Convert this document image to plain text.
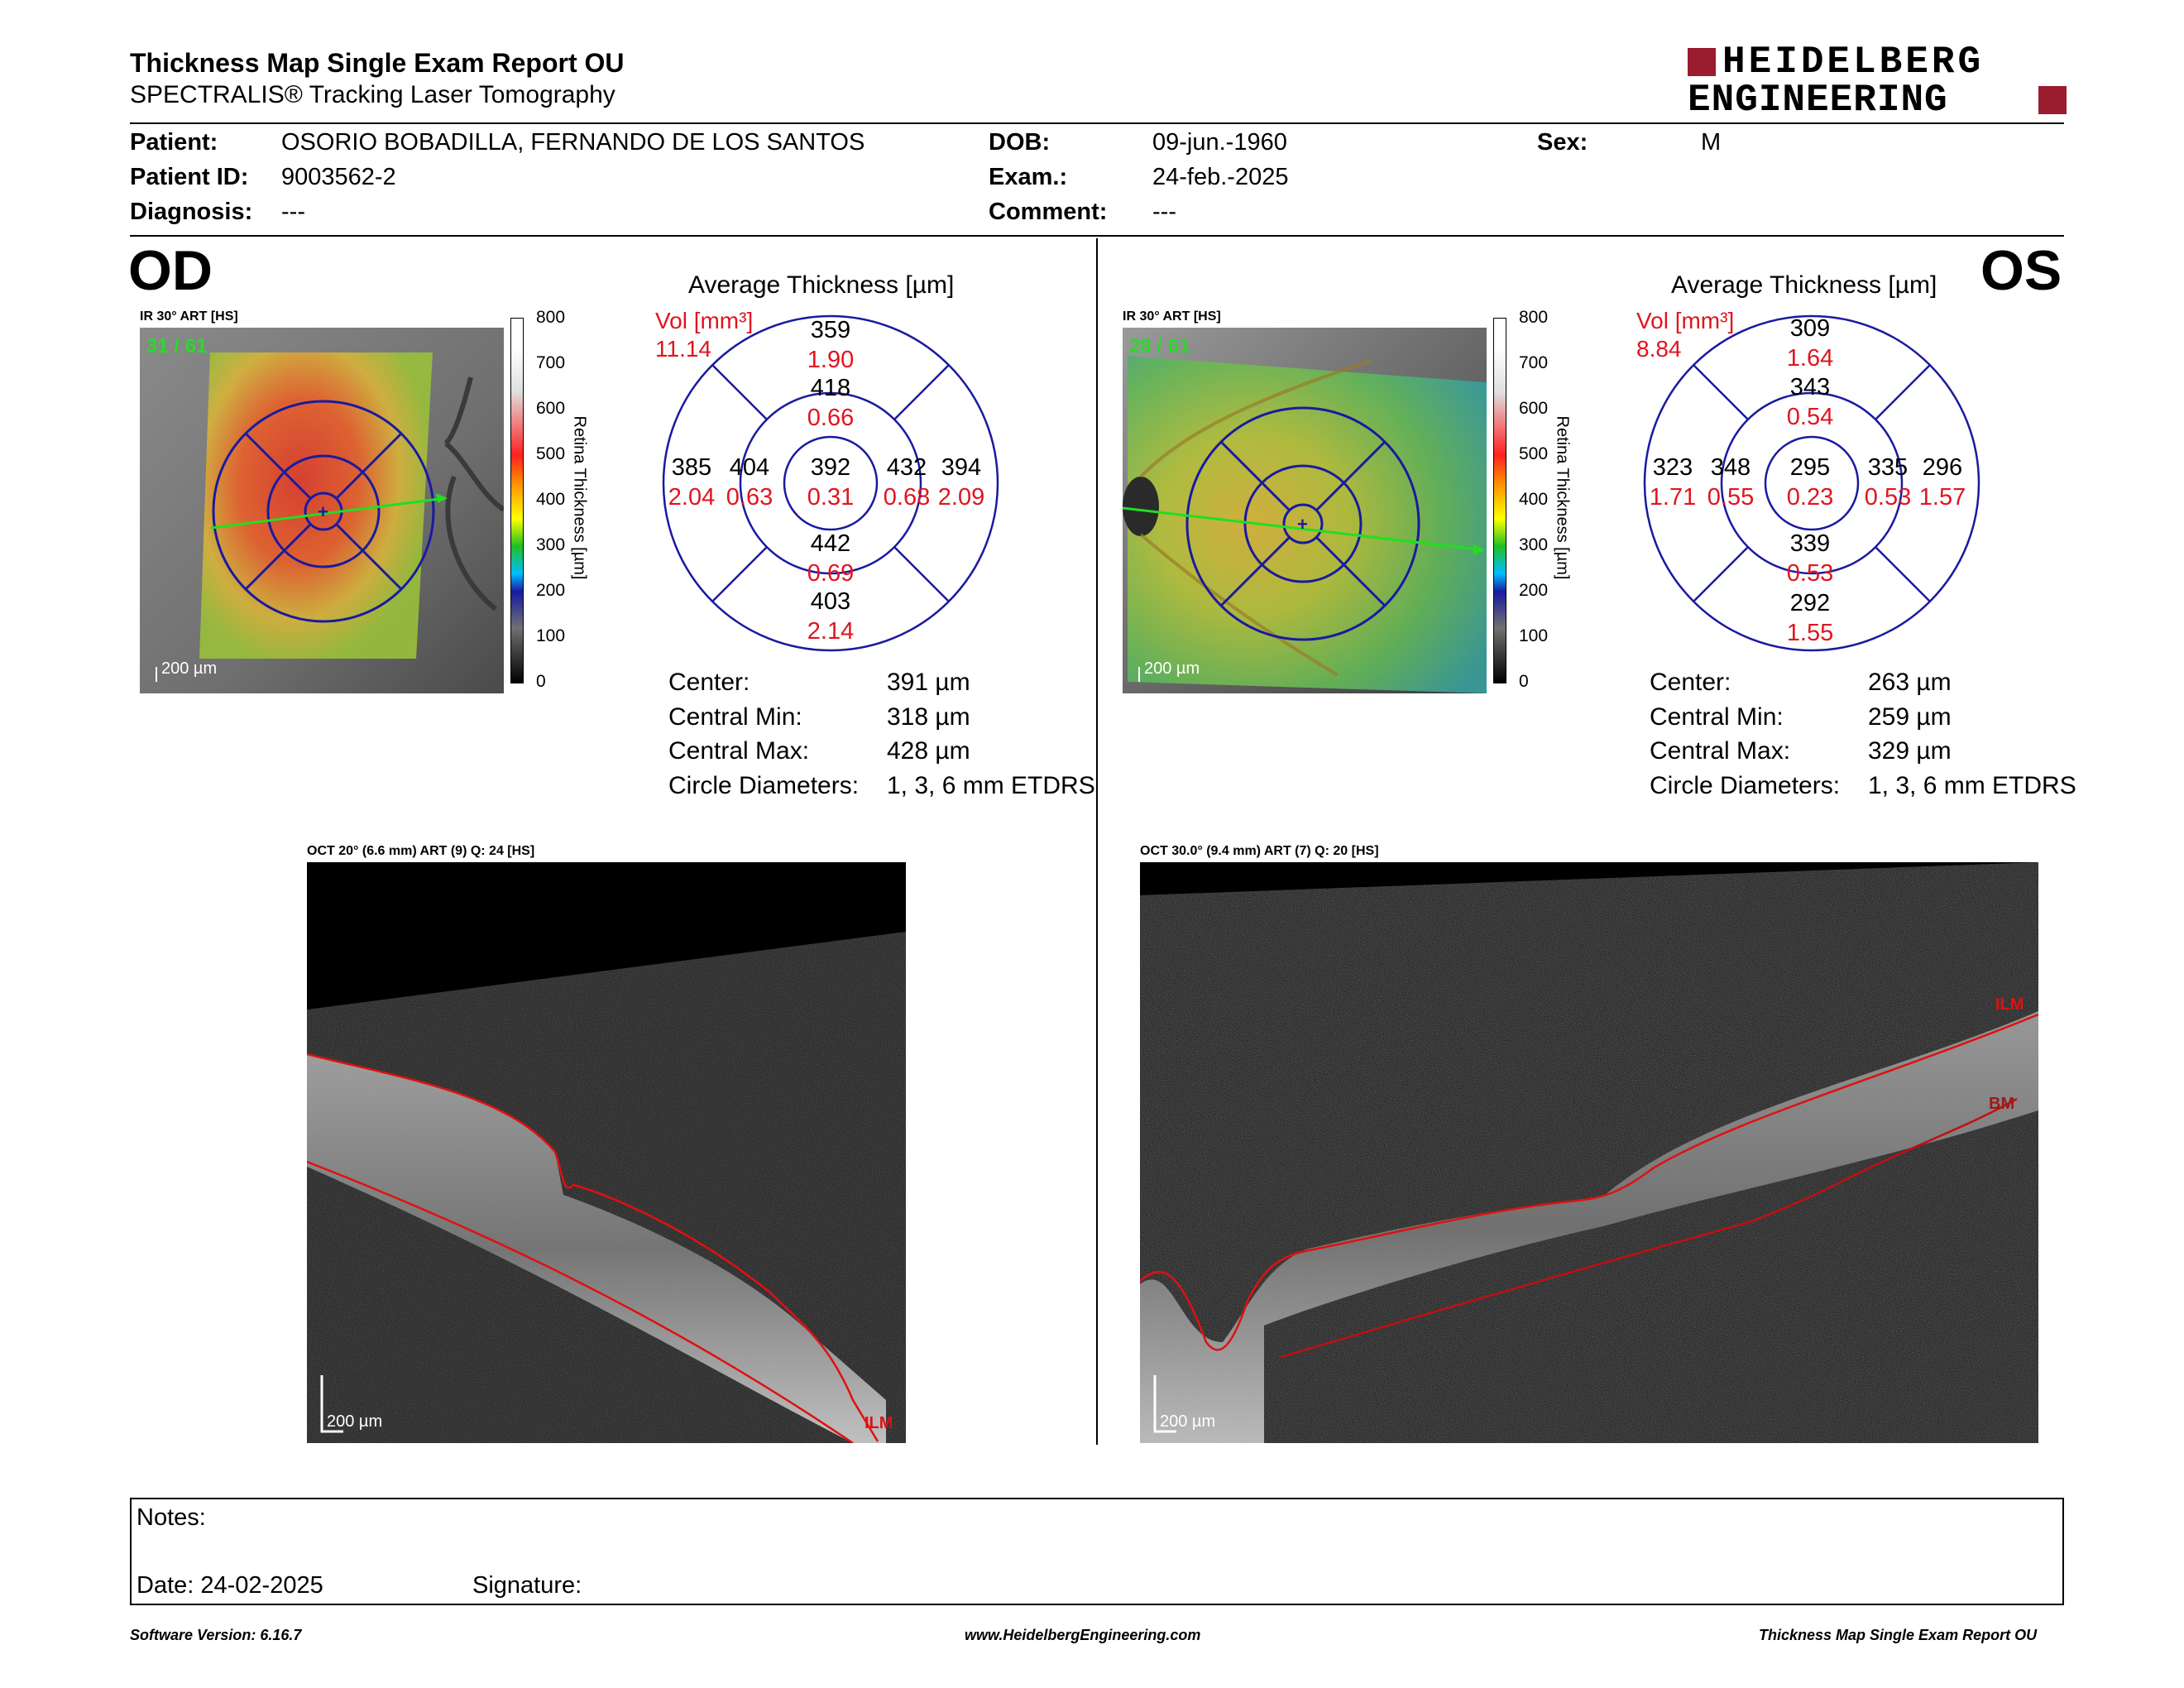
Thickness Map Single Exam Report OU
SPECTRALIS® Tracking Laser Tomography
HEIDELBERG
ENGINEERING
Patient:	OSORIO BOBADILLA, FERNANDO DE LOS SANTOS
Patient ID: 9003562-2
Diagnosis: ---
DOB:	09-jun.-1960
Exam.:	24-feb.-2025
Comment: ---
Sex:	M
OD
IR 30° ART [HS]
+
31 / 61
200 µm
800
700
600
500
400
300
200
100
0
Retina Thickness [µm]
Average Thickness [µm]
Vol [mm³]
11.14
359
1.90
418
0.66
385
2.04
404
0.63
392
0.31
432
0.68
394
2.09
442
0.69
403
2.14
Center:	391 µm
Central Min:	318 µm
Central Max:	428 µm
Circle Diameters: 1, 3, 6 mm ETDRS
OCT 20° (6.6 mm) ART (9) Q: 24 [HS]
ILM
200 µm
OS
IR 30° ART [HS]
+
28 / 61
200 µm
800
700
600
500
400
300
200
100
0
Retina Thickness [µm]
Average Thickness [µm]
Vol [mm³]
8.84
309
1.64
343
0.54
323
1.71
348
0.55
295
0.23
335
0.53
296
1.57
339
0.53
292
1.55
Center:	263 µm
Central Min:	259 µm
Central Max:	329 µm
Circle Diameters: 1, 3, 6 mm ETDRS
OCT 30.0° (9.4 mm) ART (7) Q: 20 [HS]
ILM
BM
200 µm
Notes:
Date: 24-02-2025	Signature:
Software Version: 6.16.7	www.HeidelbergEngineering.com	Thickness Map Single Exam Report OU
